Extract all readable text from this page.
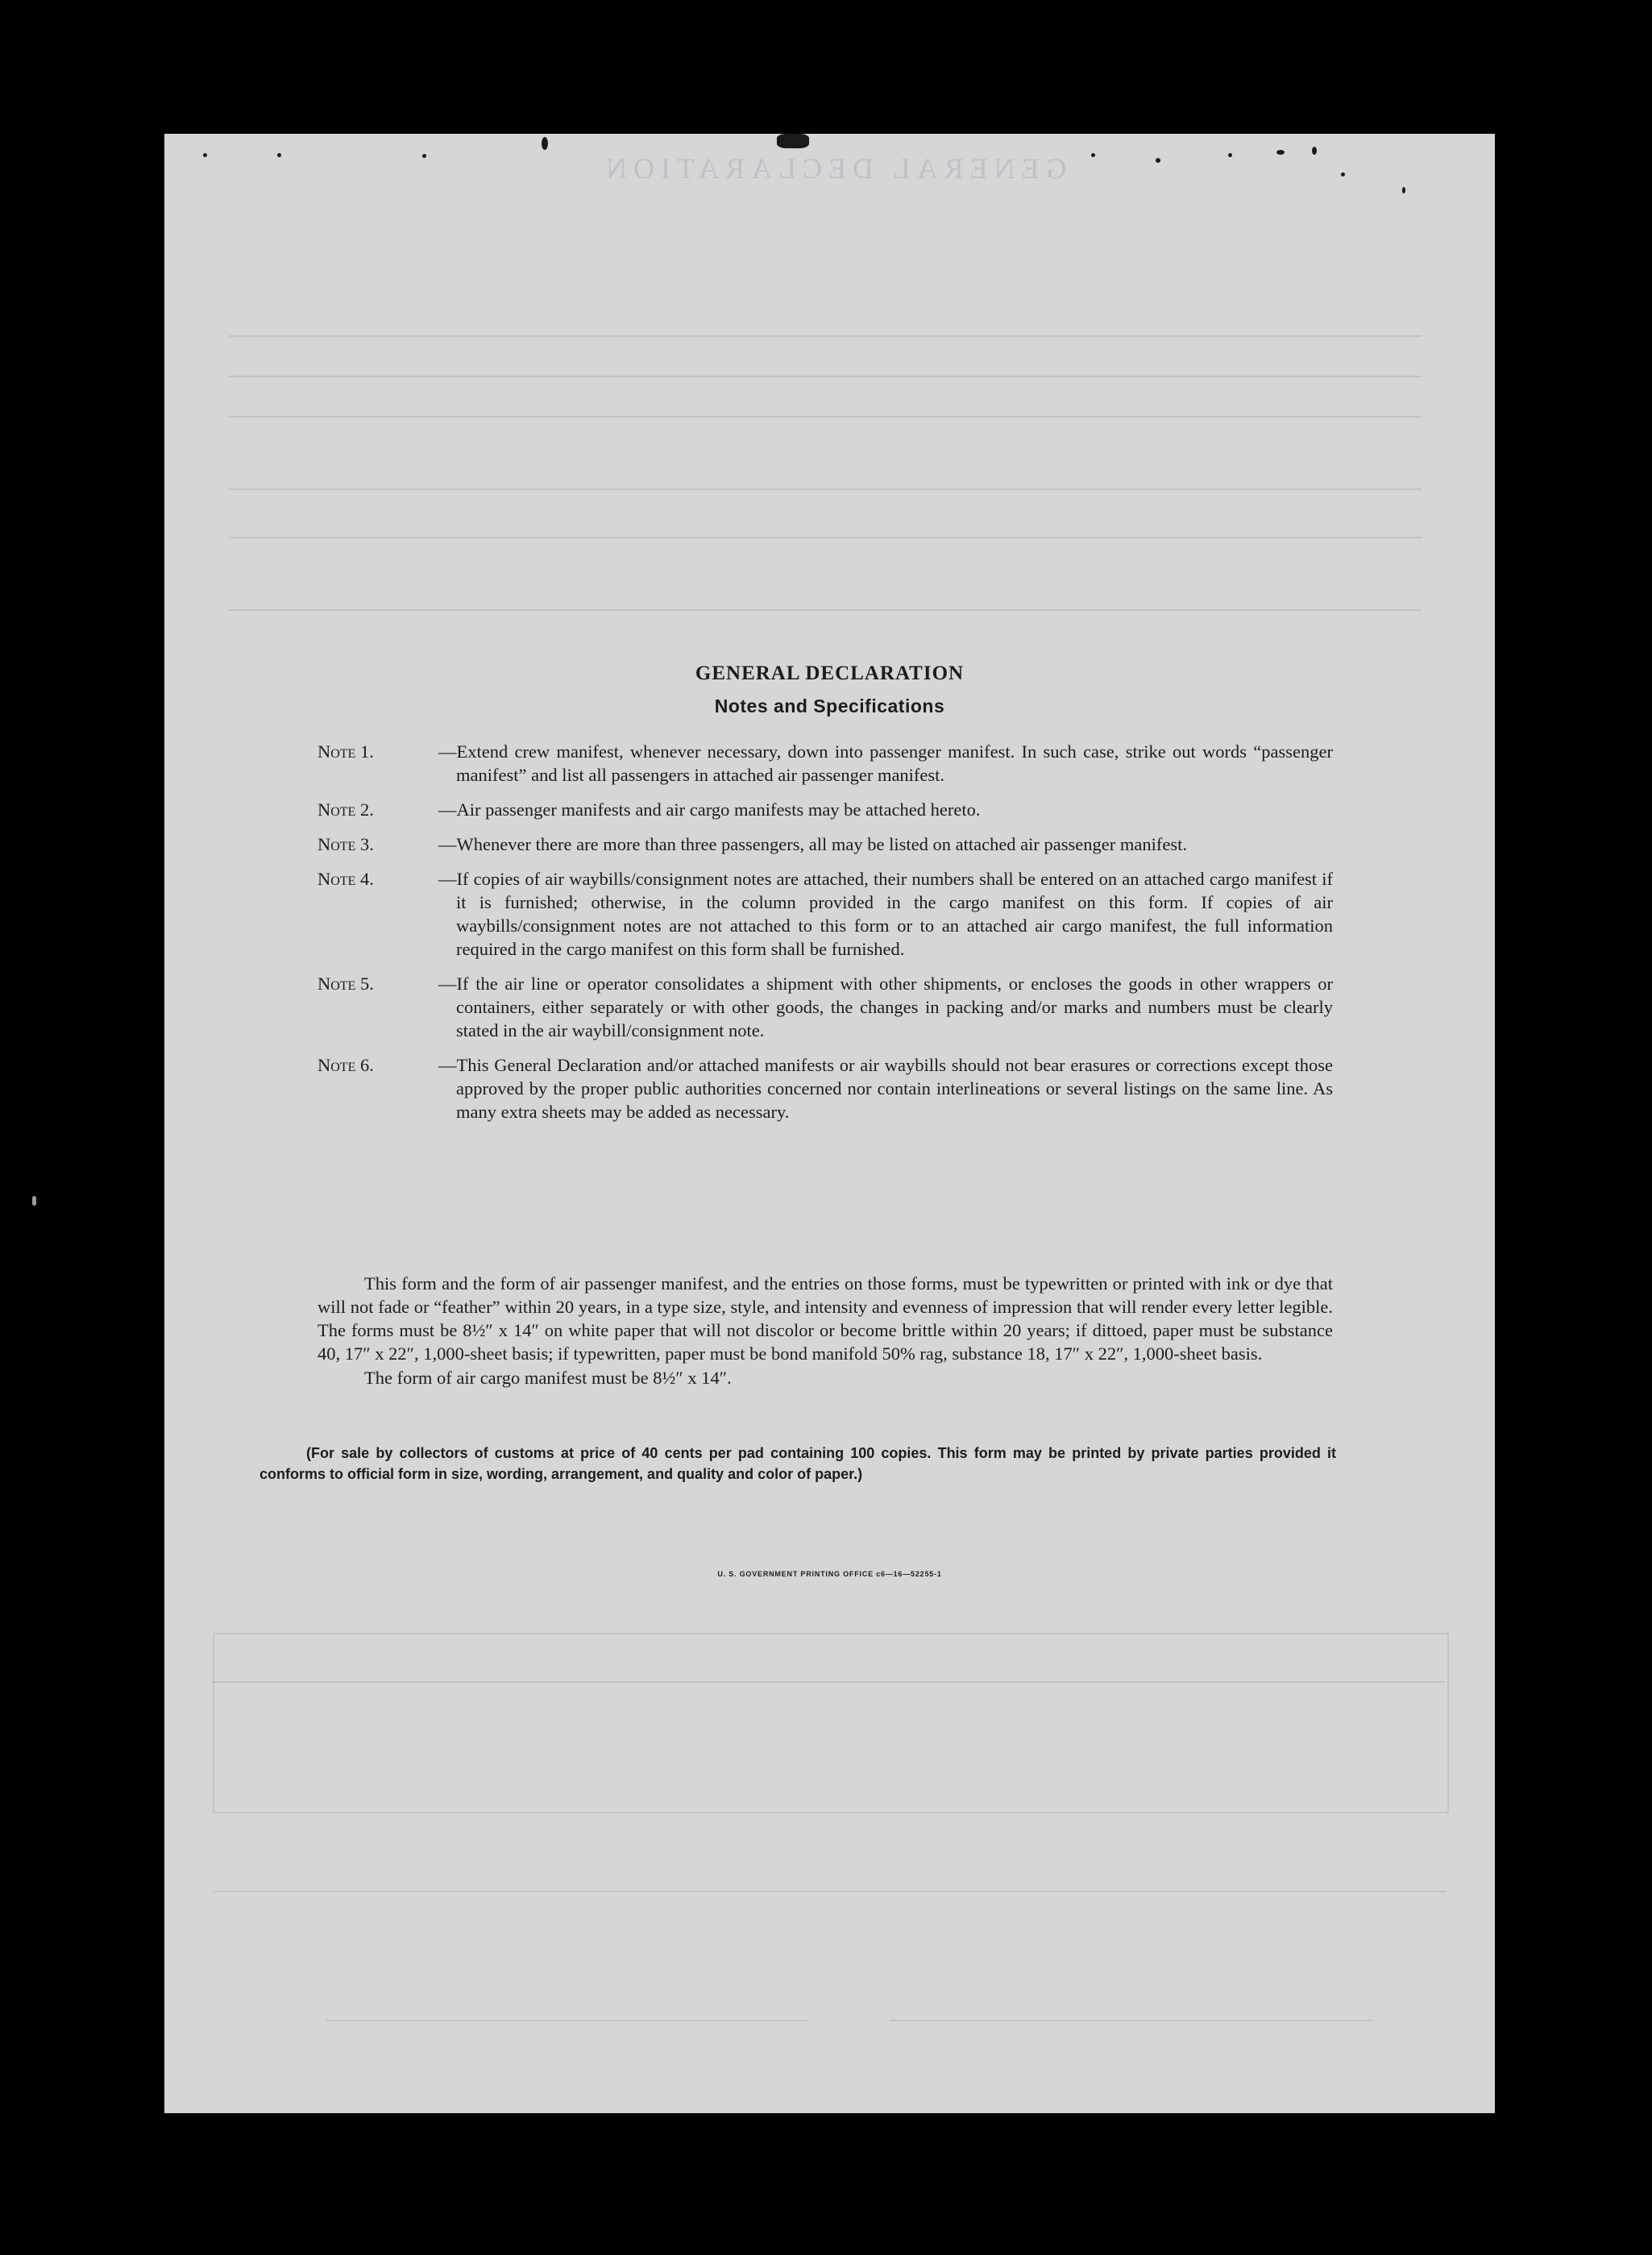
GENERAL DECLARATION
GENERAL DECLARATION
Notes and Specifications
Note 1.	—Extend crew manifest, whenever necessary, down into passenger manifest. In such case, strike out words “passenger manifest” and list all passengers in attached air passenger manifest.
Note 2.	—Air passenger manifests and air cargo manifests may be attached hereto.
Note 3.	—Whenever there are more than three passengers, all may be listed on attached air passenger manifest.
Note 4.	—If copies of air waybills/consignment notes are attached, their numbers shall be entered on an attached cargo manifest if it is furnished; otherwise, in the column provided in the cargo manifest on this form. If copies of air waybills/consignment notes are not attached to this form or to an attached air cargo manifest, the full information required in the cargo manifest on this form shall be furnished.
Note 5.	—If the air line or operator consolidates a shipment with other shipments, or encloses the goods in other wrappers or containers, either separately or with other goods, the changes in packing and/or marks and numbers must be clearly stated in the air waybill/consignment note.
Note 6.	—This General Declaration and/or attached manifests or air waybills should not bear erasures or corrections except those approved by the proper public authorities concerned nor contain interlineations or several listings on the same line. As many extra sheets may be added as necessary.
This form and the form of air passenger manifest, and the entries on those forms, must be typewritten or printed with ink or dye that will not fade or “feather” within 20 years, in a type size, style, and intensity and evenness of impression that will render every letter legible. The forms must be 8½″ x 14″ on white paper that will not discolor or become brittle within 20 years; if dittoed, paper must be substance 40, 17″ x 22″, 1,000-sheet basis; if typewritten, paper must be bond manifold 50% rag, substance 18, 17″ x 22″, 1,000-sheet basis.
The form of air cargo manifest must be 8½″ x 14″.
(For sale by collectors of customs at price of 40 cents per pad containing 100 copies. This form may be printed by private parties provided it conforms to official form in size, wording, arrangement, and quality and color of paper.)
U. S. GOVERNMENT PRINTING OFFICE c6—16—52255-1
